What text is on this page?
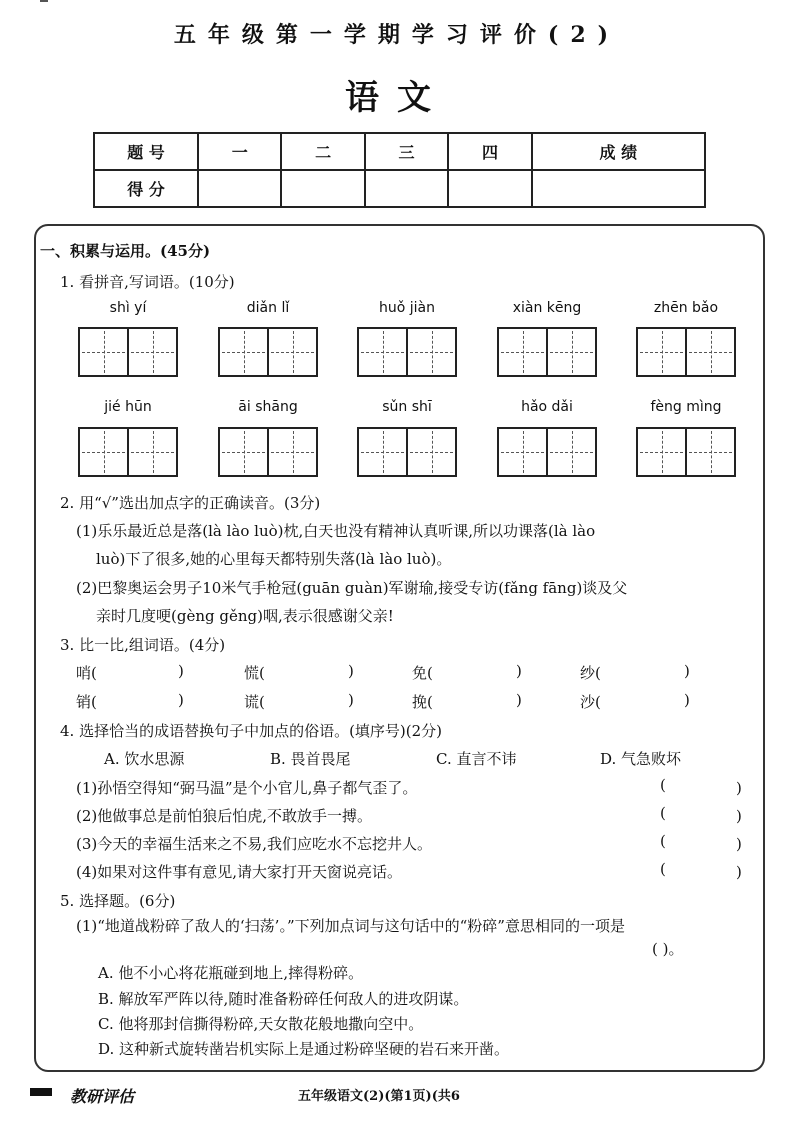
五年级第一学期学习评价(2)
语文
题 号	一	二	三	四	成 绩
得 分					
一、积累与运用。(45分)
1. 看拼音,写词语。(10分)
shì yí	diǎn lǐ	huǒ jiàn	xiàn kēng	zhēn bǎo
jié hūn	āi shāng	sǔn shī	hǎo dǎi	fèng mìng
2. 用“√”选出加点字的正确读音。(3分)
(1)乐乐最近总是落(là lào luò)枕,白天也没有精神认真听课,所以功课落(là lào
luò)下了很多,她的心里每天都特别失落(là lào luò)。
(2)巴黎奥运会男子10米气手枪冠(guān guàn)军谢瑜,接受专访(fǎng fāng)谈及父
亲时几度哽(gèng gěng)咽,表示很感谢父亲!
3. 比一比,组词语。(4分)
哨(	)	慌(	)	免(	)	纱(	)
销(	)	谎(	)	挽(	)	沙(	)
4. 选择恰当的成语替换句子中加点的俗语。(填序号)(2分)
A. 饮水思源	B. 畏首畏尾	C. 直言不讳	D. 气急败坏
(1)孙悟空得知“弼马温”是个小官儿,鼻子都气歪了。	(	)
(2)他做事总是前怕狼后怕虎,不敢放手一搏。	(	)
(3)今天的幸福生活来之不易,我们应吃水不忘挖井人。	(	)
(4)如果对这件事有意见,请大家打开天窗说亮话。	(	)
5. 选择题。(6分)
(1)“地道战粉碎了敌人的‘扫荡’。”下列加点词与这句话中的“粉碎”意思相同的一项是
( )。
A. 他不小心将花瓶碰到地上,摔得粉碎。
B. 解放军严阵以待,随时准备粉碎任何敌人的进攻阴谋。
C. 他将那封信撕得粉碎,天女散花般地撒向空中。
D. 这种新式旋转凿岩机实际上是通过粉碎坚硬的岩石来开凿。
教研评估	五年级语文(2)(第1页)(共6
